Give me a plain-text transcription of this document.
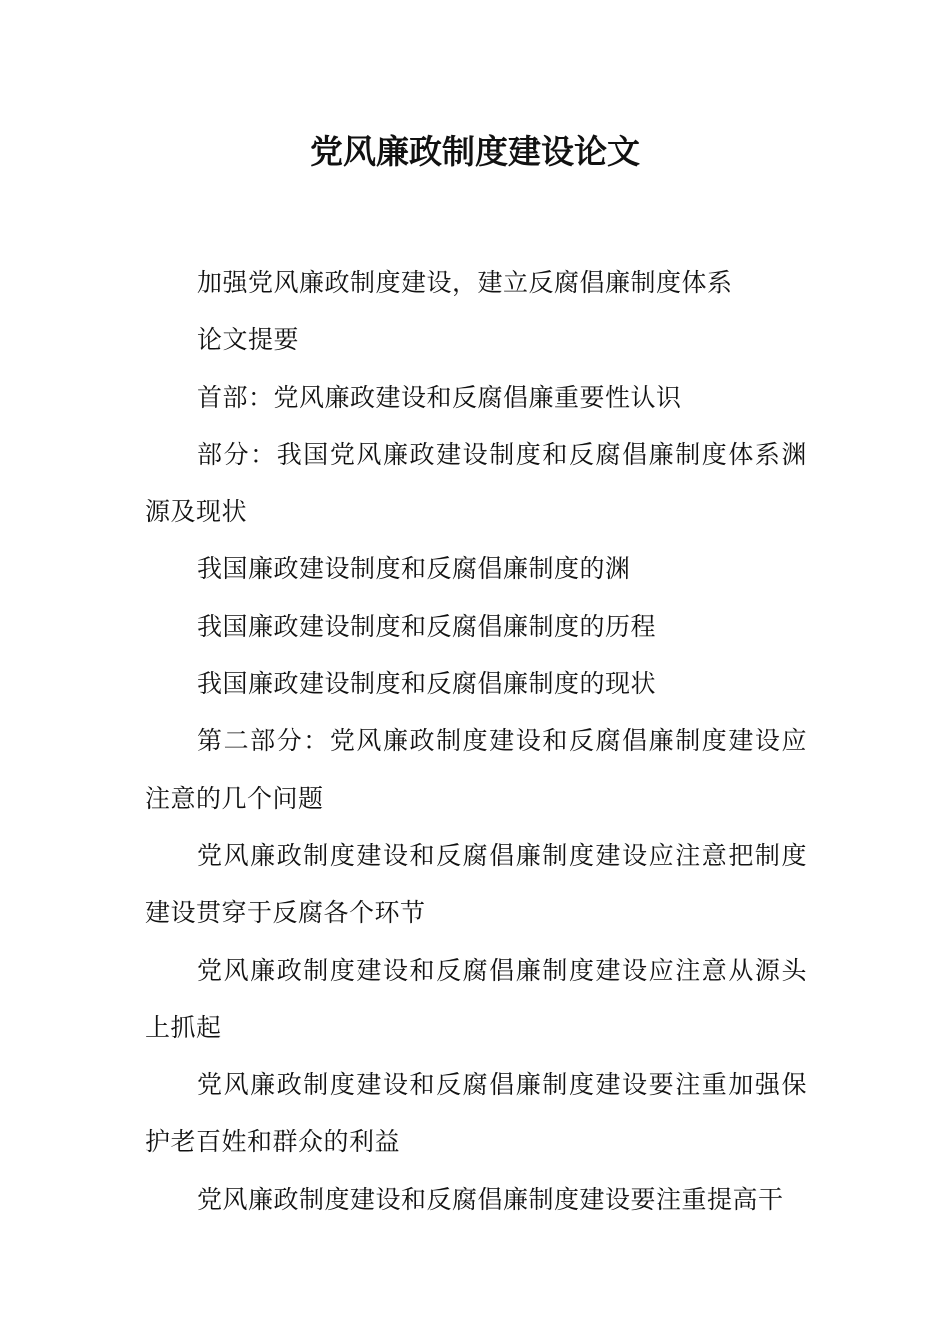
党风廉政制度建设论文

加强党风廉政制度建设，建立反腐倡廉制度体系

论文提要

首部：党风廉政建设和反腐倡廉重要性认识

部分：我国党风廉政建设制度和反腐倡廉制度体系渊源及现状

我国廉政建设制度和反腐倡廉制度的渊

我国廉政建设制度和反腐倡廉制度的历程

我国廉政建设制度和反腐倡廉制度的现状

第二部分：党风廉政制度建设和反腐倡廉制度建设应注意的几个问题

党风廉政制度建设和反腐倡廉制度建设应注意把制度建设贯穿于反腐各个环节

党风廉政制度建设和反腐倡廉制度建设应注意从源头上抓起

党风廉政制度建设和反腐倡廉制度建设要注重加强保护老百姓和群众的利益

党风廉政制度建设和反腐倡廉制度建设要注重提高干
